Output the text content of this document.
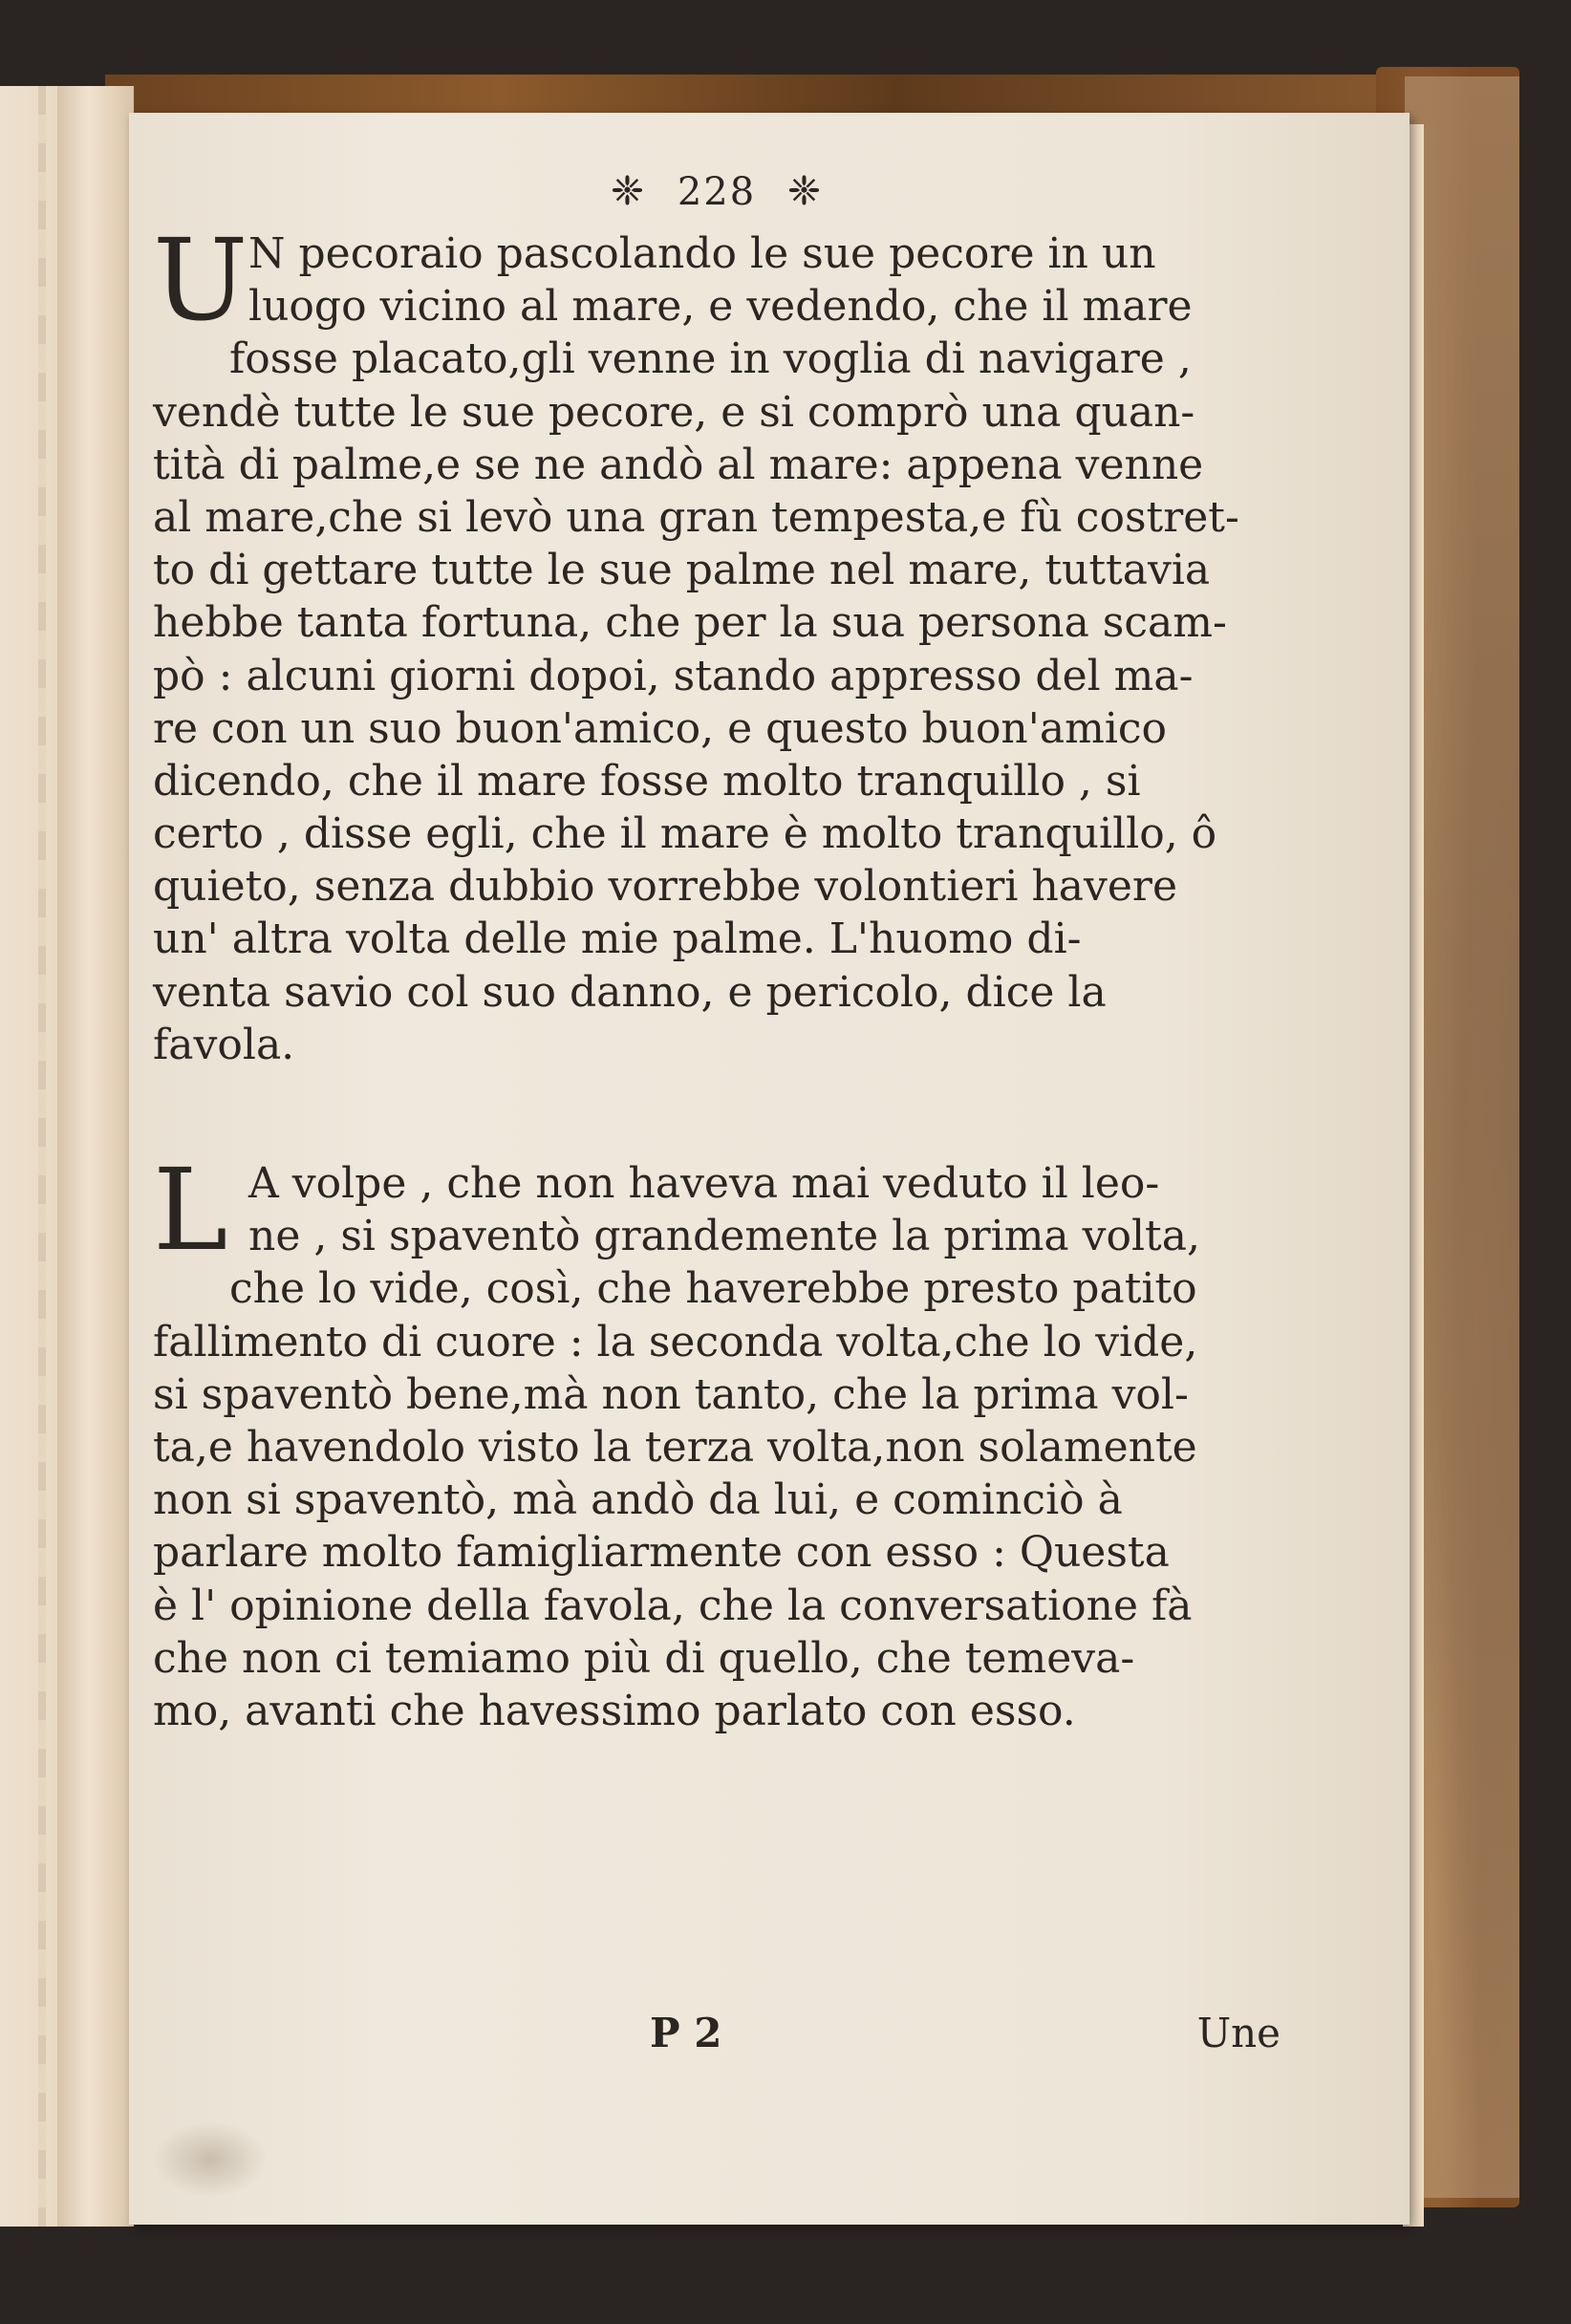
❈ 228 ❈
U N pecoraio pascolando le sue pecore in un
luogo vicino al mare, e vedendo, che il mare
fosse placato,gli venne in voglia di navigare ,
vendè tutte le sue pecore, e si comprò una quan-
tità di palme,e se ne andò al mare: appena venne
al mare,che si levò una gran tempesta,e fù costret-
to di gettare tutte le sue palme nel mare, tuttavia
hebbe tanta fortuna, che per la sua persona scam-
pò : alcuni giorni dopoi, stando appresso del ma-
re con un suo buon'amico, e questo buon'amico
dicendo, che il mare fosse molto tranquillo , si
certo , disse egli, che il mare è molto tranquillo, ô
quieto, senza dubbio vorrebbe volontieri havere
un' altra volta delle mie palme. L'huomo di-
venta savio col suo danno, e pericolo, dice la
favola.
L A volpe , che non haveva mai veduto il leo-
ne , si spaventò grandemente la prima volta,
che lo vide, così, che haverebbe presto patito
fallimento di cuore : la seconda volta,che lo vide,
si spaventò bene,mà non tanto, che la prima vol-
ta,e havendolo visto la terza volta,non solamente
non si spaventò, mà andò da lui, e cominciò à
parlare molto famigliarmente con esso : Questa
è l' opinione della favola, che la conversatione fà
che non ci temiamo più di quello, che temeva-
mo, avanti che havessimo parlato con esso.
P 2	Une
